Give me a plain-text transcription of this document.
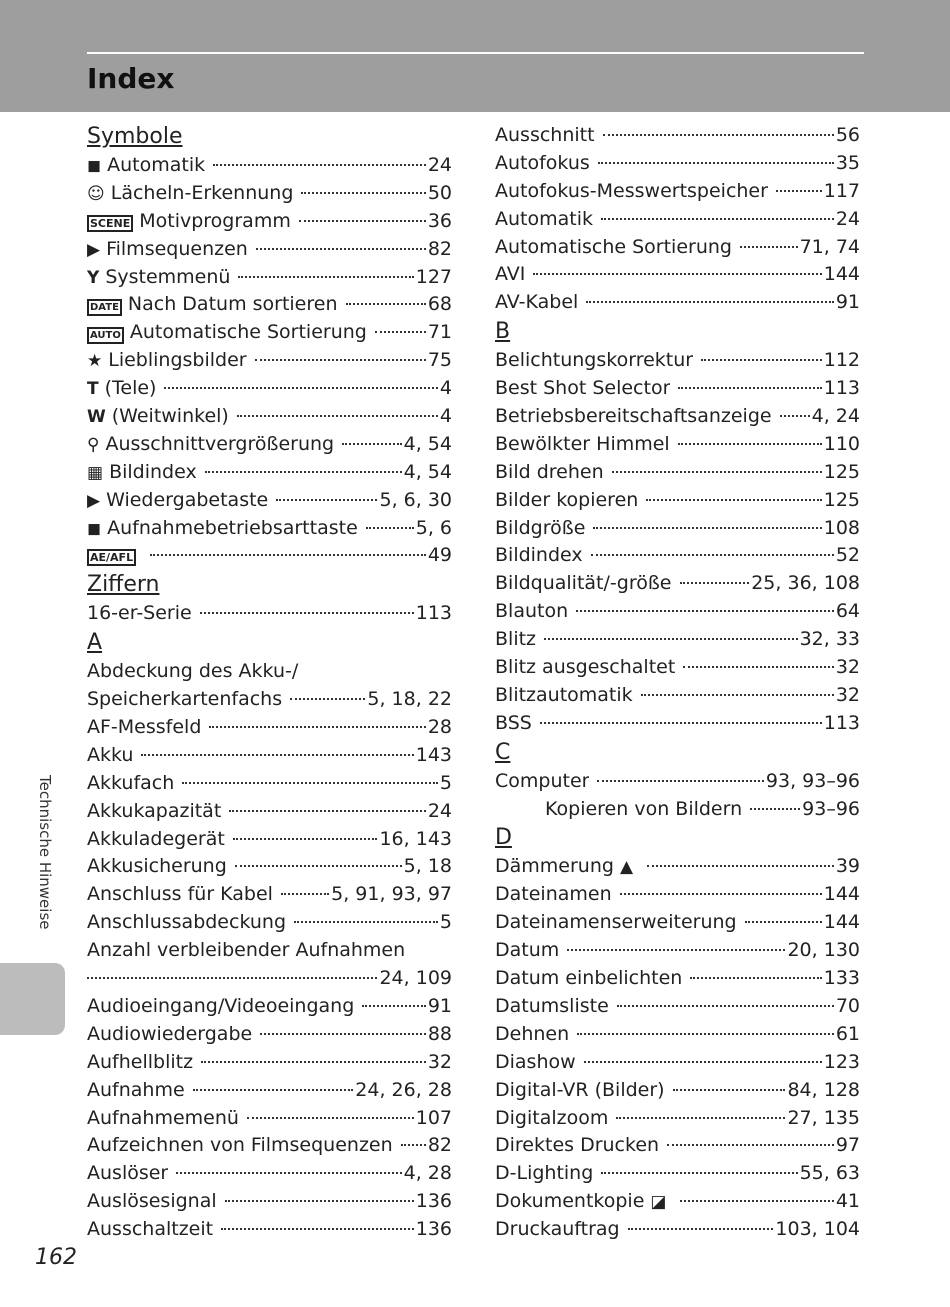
Index
Symbole
◼ Automatik	24
☺ Lächeln-Erkennung	50
SCENE Motivprogramm	36
▶ Filmsequenzen	82
Y Systemmenü	127
DATE Nach Datum sortieren	68
AUTO Automatische Sortierung	71
★ Lieblingsbilder	75
T (Tele)	4
W (Weitwinkel)	4
⚲ Ausschnittvergrößerung	4, 54
▦ Bildindex	4, 54
▶ Wiedergabetaste	5, 6, 30
◼ Aufnahmebetriebsarttaste	5, 6
AE/AFL	49
Ziffern
16-er-Serie	113
A
Abdeckung des Akku-/
Speicherkartenfachs	5, 18, 22
AF-Messfeld	28
Akku	143
Akkufach	5
Akkukapazität	24
Akkuladegerät	16, 143
Akkusicherung	5, 18
Anschluss für Kabel	5, 91, 93, 97
Anschlussabdeckung	5
Anzahl verbleibender Aufnahmen
24, 109
Audioeingang/Videoeingang	91
Audiowiedergabe	88
Aufhellblitz	32
Aufnahme	24, 26, 28
Aufnahmemenü	107
Aufzeichnen von Filmsequenzen 82
Auslöser	4, 28
Auslösesignal	136
Ausschaltzeit	136
Ausschnitt	56
Autofokus	35
Autofokus-Messwertspeicher	117
Automatik	24
Automatische Sortierung	71, 74
AVI	144
AV-Kabel	91
B
Belichtungskorrektur	112
Best Shot Selector	113
Betriebsbereitschaftsanzeige 4, 24
Bewölkter Himmel	110
Bild drehen	125
Bilder kopieren	125
Bildgröße	108
Bildindex	52
Bildqualität/-größe	25, 36, 108
Blauton	64
Blitz	32, 33
Blitz ausgeschaltet	32
Blitzautomatik	32
BSS	113
C
Computer	93, 93–96
Kopieren von Bildern	93–96
D
Dämmerung ▲	39
Dateinamen	144
Dateinamenserweiterung	144
Datum	20, 130
Datum einbelichten	133
Datumsliste	70
Dehnen	61
Diashow	123
Digital-VR (Bilder)	84, 128
Digitalzoom	27, 135
Direktes Drucken	97
D-Lighting	55, 63
Dokumentkopie ◪	41
Druckauftrag	103, 104
Technische Hinweise
162
